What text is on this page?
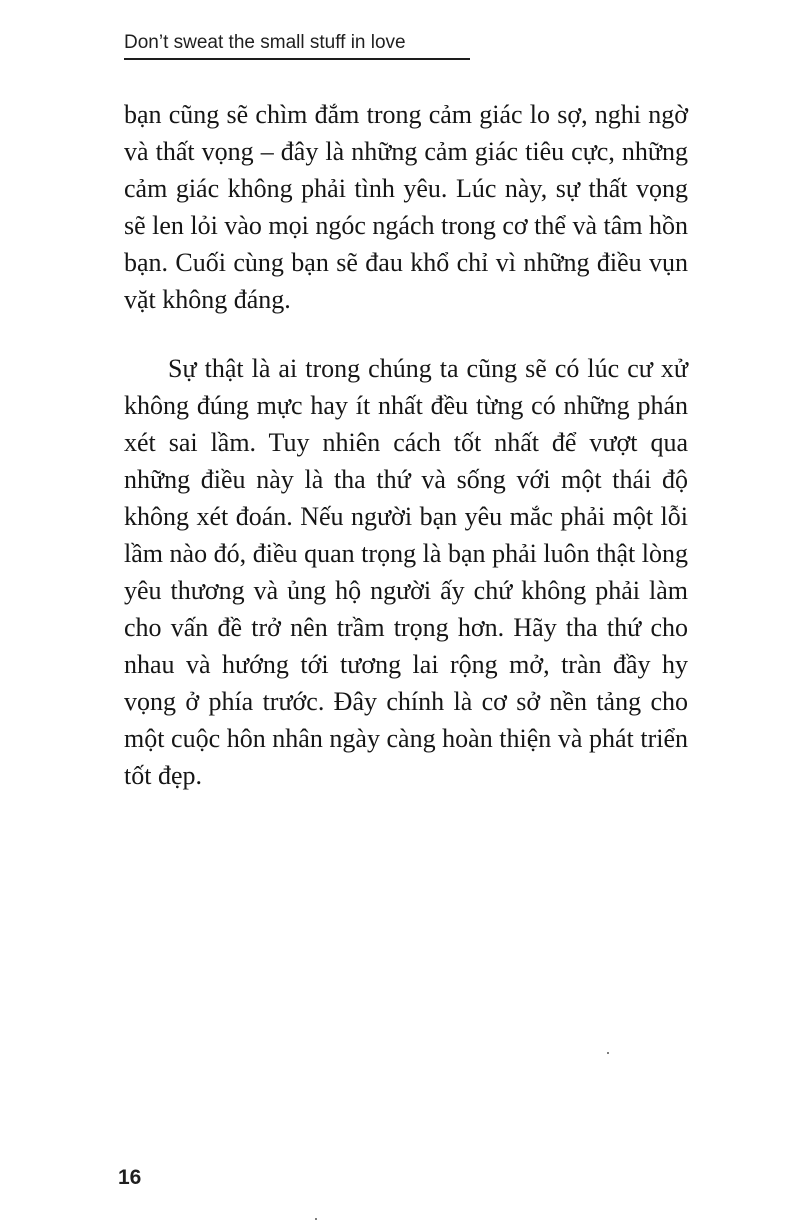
Don’t sweat the small stuff in love

bạn cũng sẽ chìm đắm trong cảm giác lo sợ, nghi ngờ và thất vọng – đây là những cảm giác tiêu cực, những cảm giác không phải tình yêu. Lúc này, sự thất vọng sẽ len lỏi vào mọi ngóc ngách trong cơ thể và tâm hồn bạn. Cuối cùng bạn sẽ đau khổ chỉ vì những điều vụn vặt không đáng.

Sự thật là ai trong chúng ta cũng sẽ có lúc cư xử không đúng mực hay ít nhất đều từng có những phán xét sai lầm. Tuy nhiên cách tốt nhất để vượt qua những điều này là tha thứ và sống với một thái độ không xét đoán. Nếu người bạn yêu mắc phải một lỗi lầm nào đó, điều quan trọng là bạn phải luôn thật lòng yêu thương và ủng hộ người ấy chứ không phải làm cho vấn đề trở nên trầm trọng hơn. Hãy tha thứ cho nhau và hướng tới tương lai rộng mở, tràn đầy hy vọng ở phía trước. Đây chính là cơ sở nền tảng cho một cuộc hôn nhân ngày càng hoàn thiện và phát triển tốt đẹp.

16
